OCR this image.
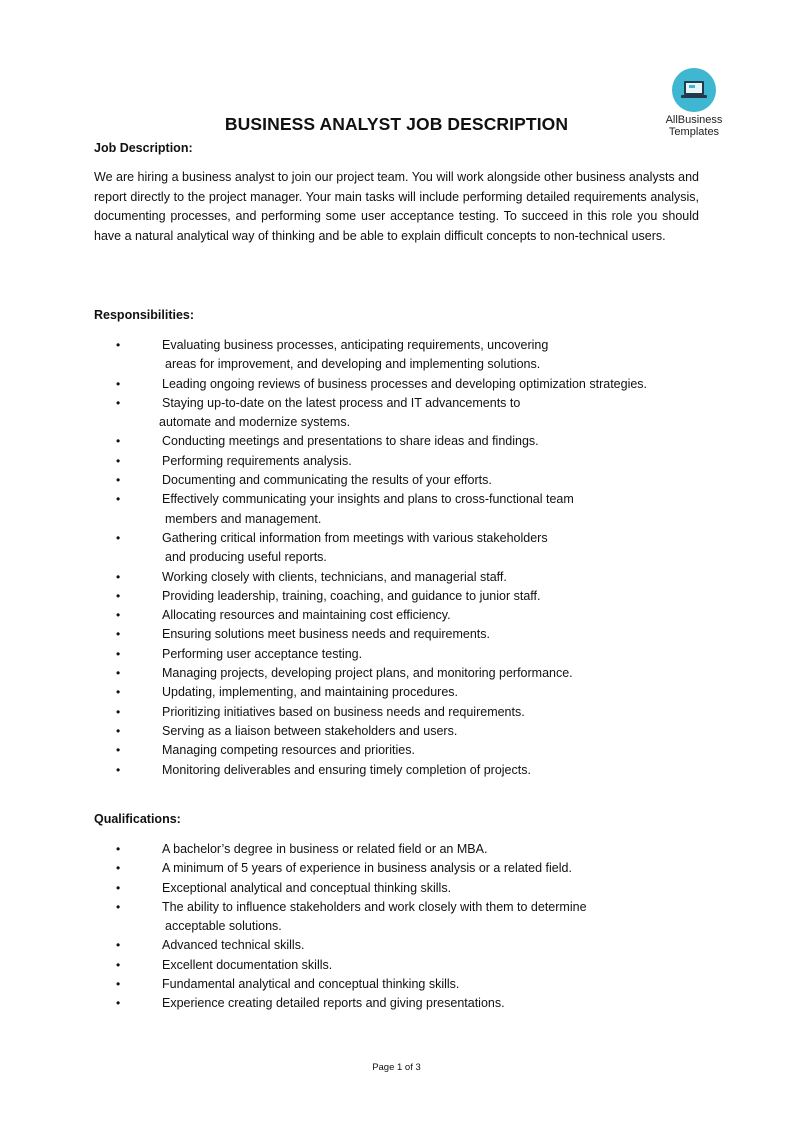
AllBusiness
Templates
BUSINESS ANALYST JOB DESCRIPTION
Job Description:
We are hiring a business analyst to join our project team. You will work alongside other business analysts and report directly to the project manager. Your main tasks will include performing detailed requirements analysis, documenting processes, and performing some user acceptance testing. To succeed in this role you should have a natural analytical way of thinking and be able to explain difficult concepts to non-technical users.
Responsibilities:
•	Evaluating business processes, anticipating requirements, uncovering
areas for improvement, and developing and implementing solutions.
•	Leading ongoing reviews of business processes and developing optimization strategies.
•	Staying up-to-date on the latest process and IT advancements to
automate and modernize systems.
•	Conducting meetings and presentations to share ideas and findings.
•	Performing requirements analysis.
•	Documenting and communicating the results of your efforts.
•	Effectively communicating your insights and plans to cross-functional team
members and management.
•	Gathering critical information from meetings with various stakeholders
and producing useful reports.
•	Working closely with clients, technicians, and managerial staff.
•	Providing leadership, training, coaching, and guidance to junior staff.
•	Allocating resources and maintaining cost efficiency.
•	Ensuring solutions meet business needs and requirements.
•	Performing user acceptance testing.
•	Managing projects, developing project plans, and monitoring performance.
•	Updating, implementing, and maintaining procedures.
•	Prioritizing initiatives based on business needs and requirements.
•	Serving as a liaison between stakeholders and users.
•	Managing competing resources and priorities.
•	Monitoring deliverables and ensuring timely completion of projects.
Qualifications:
•	A bachelor’s degree in business or related field or an MBA.
•	A minimum of 5 years of experience in business analysis or a related field.
•	Exceptional analytical and conceptual thinking skills.
•	The ability to influence stakeholders and work closely with them to determine
acceptable solutions.
•	Advanced technical skills.
•	Excellent documentation skills.
•	Fundamental analytical and conceptual thinking skills.
•	Experience creating detailed reports and giving presentations.
Page 1 of 3
